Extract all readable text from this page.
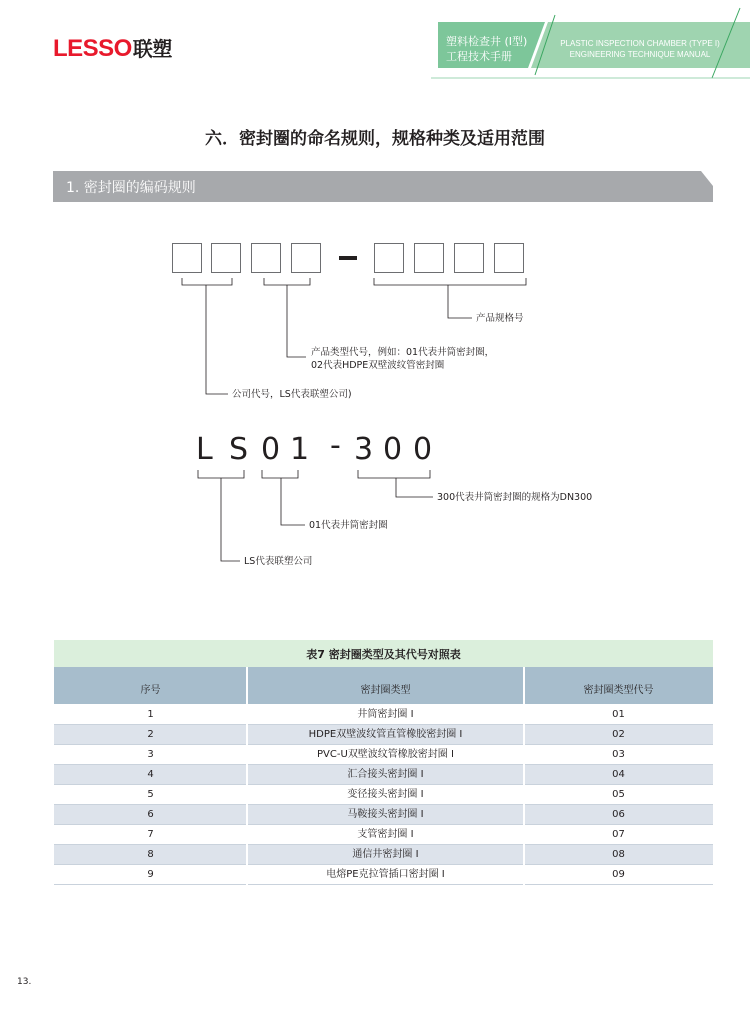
LESSO联塑	塑料检查井 (I型)
工程技术手册
PLASTIC INSPECTION CHAMBER (TYPE I)
ENGINEERING TECHNIQUE MANUAL
六．密封圈的命名规则，规格种类及适用范围
1. 密封圈的编码规则
产品规格号
产品类型代号，例如：01代表井筒密封圈，
02代表HDPE双壁波纹管密封圈
公司代号，LS代表联塑公司)
L S 0 1 - 3 0 0
300代表井筒密封圈的规格为DN300
01代表井筒密封圈
LS代表联塑公司
表7 密封圈类型及其代号对照表
序号	密封圈类型	密封圈类型代号
1	井筒密封圈 I	01
2	HDPE双壁波纹管直管橡胶密封圈 I	02
3	PVC-U双壁波纹管橡胶密封圈 I	03
4	汇合接头密封圈 I	04
5	变径接头密封圈 I	05
6	马鞍接头密封圈 I	06
7	支管密封圈 I	07
8	通信井密封圈 I	08
9	电熔PE克拉管插口密封圈 I	09
13.
